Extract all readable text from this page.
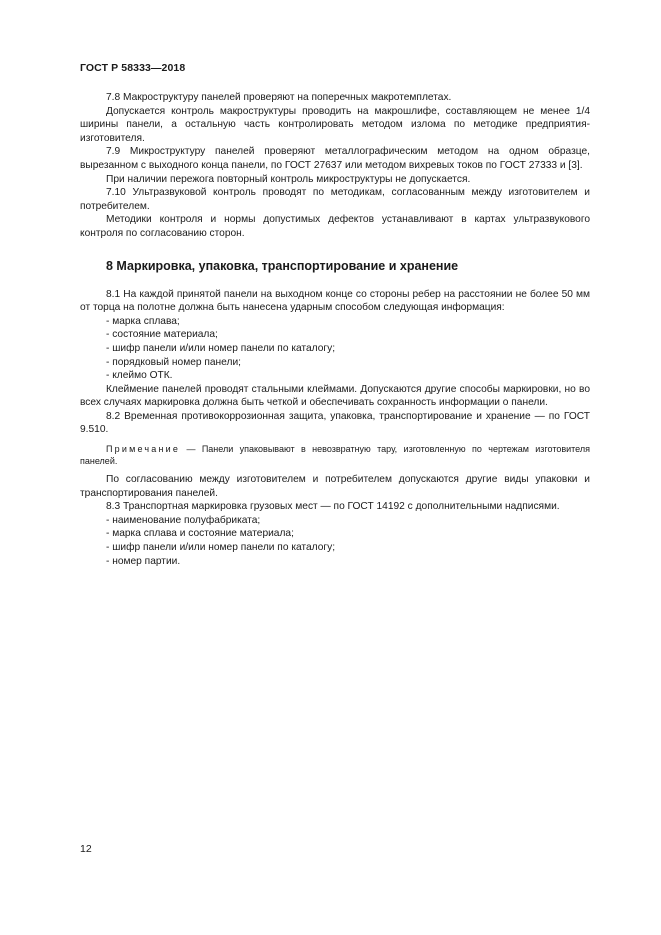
ГОСТ Р 58333—2018

7.8 Макроструктуру панелей проверяют на поперечных макротемплетах.

Допускается контроль макроструктуры проводить на макрошлифе, составляющем не менее 1/4 ширины панели, а остальную часть контролировать методом излома по методике предприятия-изготовителя.

7.9 Микроструктуру панелей проверяют металлографическим методом на одном образце, вырезанном с выходного конца панели, по ГОСТ 27637 или методом вихревых токов по ГОСТ 27333 и [3].

При наличии пережога повторный контроль микроструктуры не допускается.

7.10 Ультразвуковой контроль проводят по методикам, согласованным между изготовителем и потребителем.

Методики контроля и нормы допустимых дефектов устанавливают в картах ультразвукового контроля по согласованию сторон.

8 Маркировка, упаковка, транспортирование и хранение

8.1 На каждой принятой панели на выходном конце со стороны ребер на расстоянии не более 50 мм от торца на полотне должна быть нанесена ударным способом следующая информация:

- марка сплава;

- состояние материала;

- шифр панели и/или номер панели по каталогу;

- порядковый номер панели;

- клеймо ОТК.

Клеймение панелей проводят стальными клеймами. Допускаются другие способы маркировки, но во всех случаях маркировка должна быть четкой и обеспечивать сохранность информации о панели.

8.2 Временная противокоррозионная защита, упаковка, транспортирование и хранение — по ГОСТ 9.510.

Примечание — Панели упаковывают в невозвратную тару, изготовленную по чертежам изготовителя панелей.

По согласованию между изготовителем и потребителем допускаются другие виды упаковки и транспортирования панелей.

8.3 Транспортная маркировка грузовых мест — по ГОСТ 14192 с дополнительными надписями.

- наименование полуфабриката;

- марка сплава и состояние материала;

- шифр панели и/или номер панели по каталогу;

- номер партии.

12
